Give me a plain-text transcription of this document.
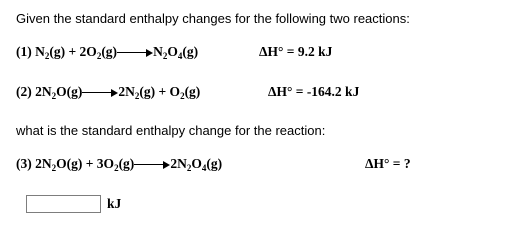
Given the standard enthalpy changes for the following two reactions:
(1) $N_2(g) + 2O_2(g)$	$N_2O_4(g)$	ΔH° = 9.2 kJ
(2) $2N_2O(g)$	$2N_2(g) + O_2(g)$	ΔH° = -164.2 kJ
what is the standard enthalpy change for the reaction:
(3) $2N_2O(g) + 3O_2(g)$	$2N_2O_4(g)$	ΔH° = ?
kJ
